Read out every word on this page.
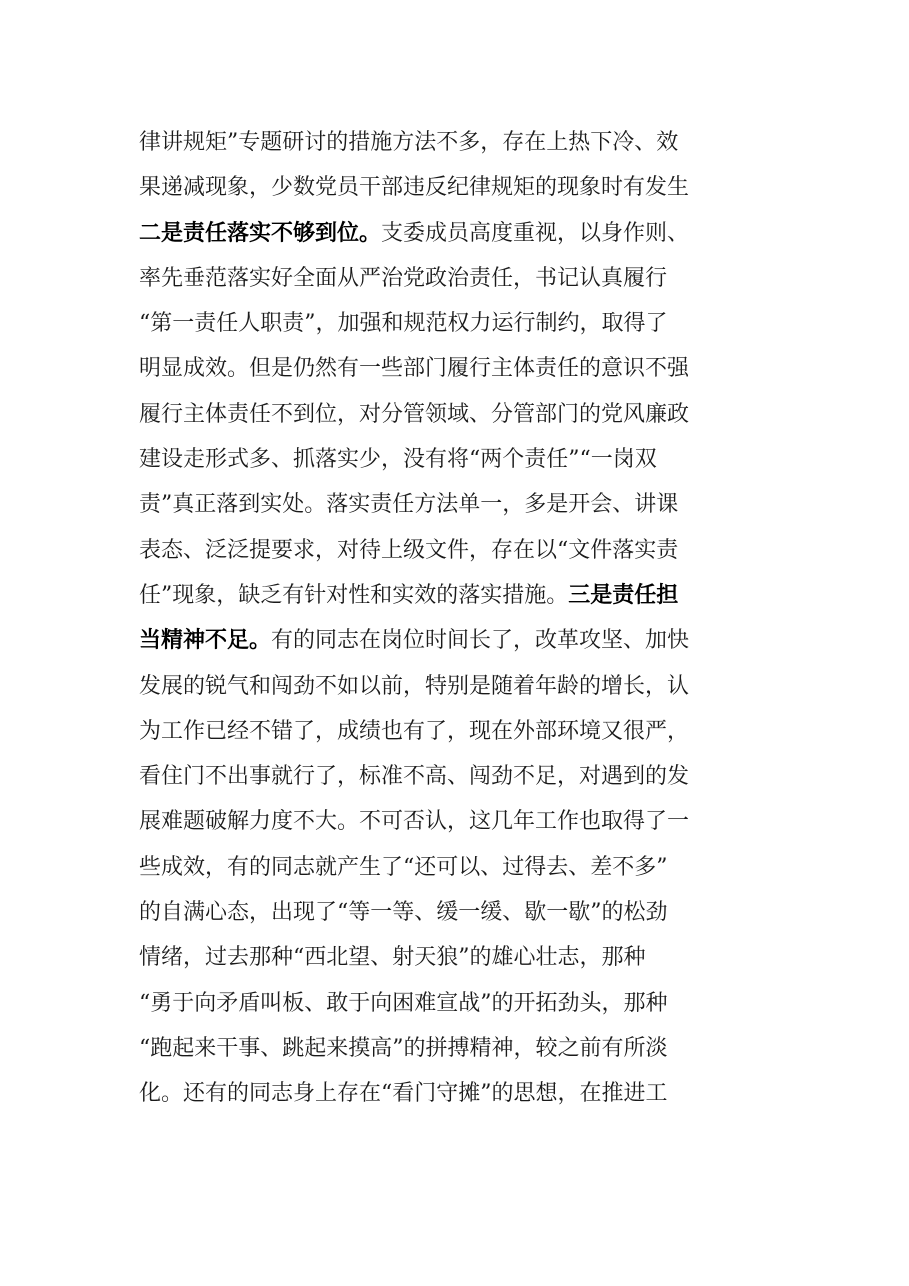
律讲规矩”专题研讨的措施方法不多，存在上热下冷、效
果递减现象，少数党员干部违反纪律规矩的现象时有发生
二是责任落实不够到位。支委成员高度重视，以身作则、
率先垂范落实好全面从严治党政治责任，书记认真履行
“第一责任人职责”，加强和规范权力运行制约，取得了
明显成效。但是仍然有一些部门履行主体责任的意识不强
履行主体责任不到位，对分管领域、分管部门的党风廉政
建设走形式多、抓落实少，没有将“两个责任”“一岗双
责”真正落到实处。落实责任方法单一，多是开会、讲课
表态、泛泛提要求，对待上级文件，存在以“文件落实责
任”现象，缺乏有针对性和实效的落实措施。三是责任担
当精神不足。有的同志在岗位时间长了，改革攻坚、加快
发展的锐气和闯劲不如以前，特别是随着年龄的增长，认
为工作已经不错了，成绩也有了，现在外部环境又很严，
看住门不出事就行了，标准不高、闯劲不足，对遇到的发
展难题破解力度不大。不可否认，这几年工作也取得了一
些成效，有的同志就产生了“还可以、过得去、差不多”
的自满心态，出现了“等一等、缓一缓、歇一歇”的松劲
情绪，过去那种“西北望、射天狼”的雄心壮志，那种
“勇于向矛盾叫板、敢于向困难宣战”的开拓劲头，那种
“跑起来干事、跳起来摸高”的拼搏精神，较之前有所淡
化。还有的同志身上存在“看门守摊”的思想，在推进工
